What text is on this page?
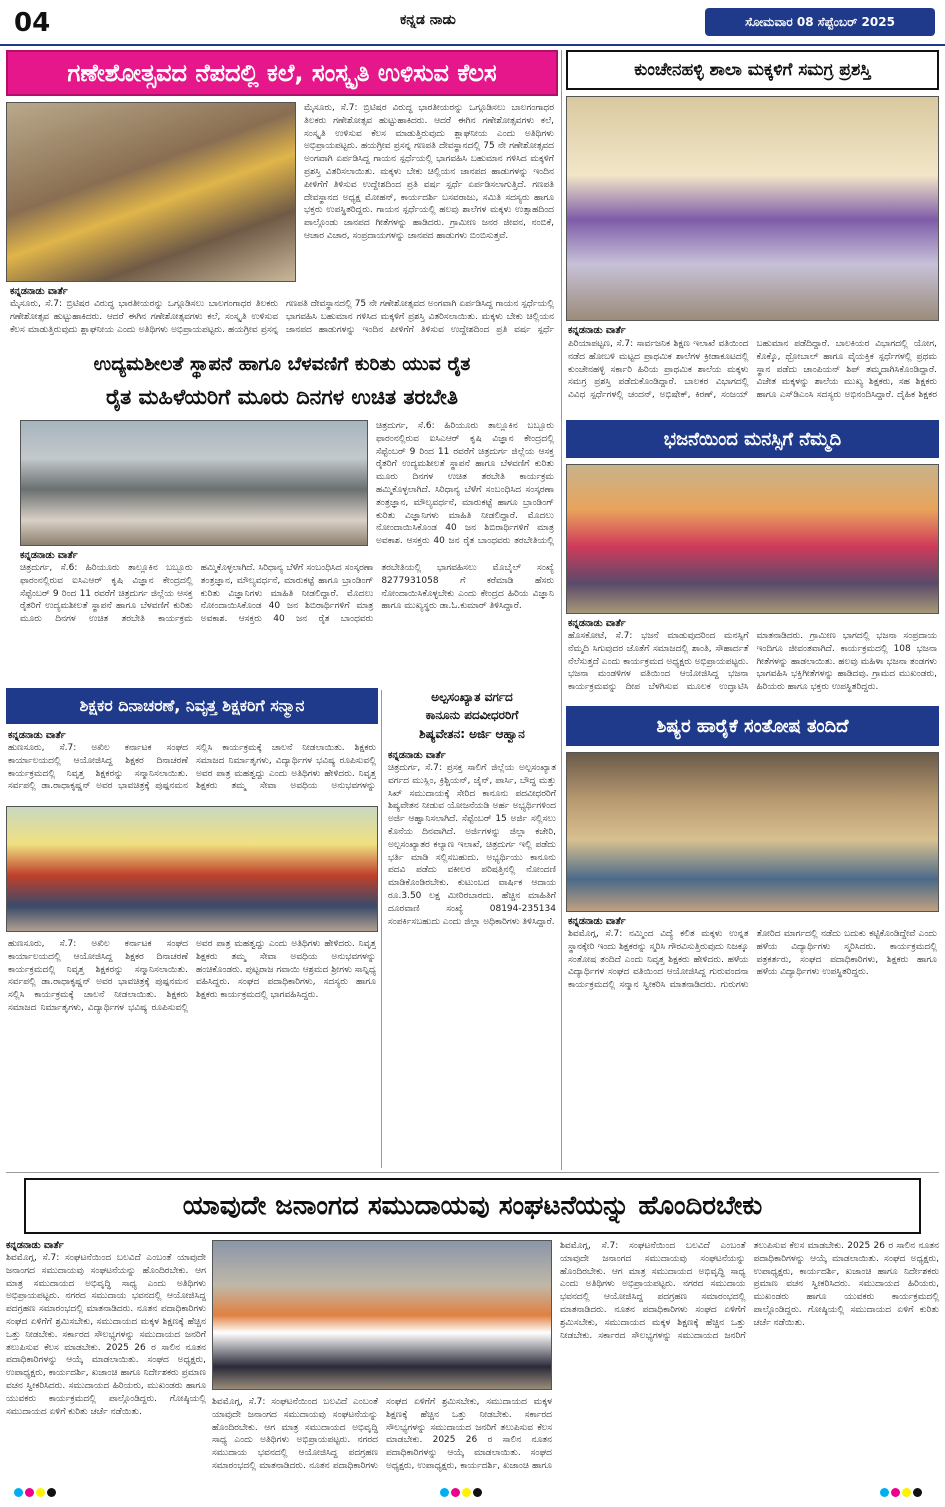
04	ಕನ್ನಡ ನಾಡು	ಸೋಮವಾರ 08 ಸೆಪ್ಟೆಂಬರ್ 2025
ಗಣೇಶೋತ್ಸವದ ನೆಪದಲ್ಲಿ ಕಲೆ, ಸಂಸ್ಕೃತಿ ಉಳಿಸುವ ಕೆಲಸ
ಕನ್ನಡನಾಡು ವಾರ್ತೆ
ಮೈಸೂರು, ಸೆ.7: ಬ್ರಿಟಿಷರ ವಿರುದ್ಧ ಭಾರತೀಯರನ್ನು ಒಗ್ಗೂಡಿಸಲು ಬಾಲಗಂಗಾಧರ ತಿಲಕರು ಗಣೇಶೋತ್ಸವ ಹುಟ್ಟುಹಾಕಿದರು. ಆದರೆ ಈಗಿನ ಗಣೇಶೋತ್ಸವಗಳು ಕಲೆ, ಸಂಸ್ಕೃತಿ ಉಳಿಸುವ ಕೆಲಸ ಮಾಡುತ್ತಿರುವುದು ಶ್ಲಾಘನೀಯ ಎಂದು ಅತಿಥಿಗಳು ಅಭಿಪ್ರಾಯಪಟ್ಟರು. ಹಯಗ್ರೀವ ಪ್ರಸನ್ನ ಗಣಪತಿ ದೇವಸ್ಥಾನದಲ್ಲಿ 75 ನೇ ಗಣೇಶೋತ್ಸವದ ಅಂಗವಾಗಿ ಏರ್ಪಡಿಸಿದ್ದ ಗಾಯನ ಸ್ಪರ್ಧೆಯಲ್ಲಿ ಭಾಗವಹಿಸಿ ಬಹುಮಾನ ಗಳಿಸಿದ ಮಕ್ಕಳಿಗೆ ಪ್ರಶಸ್ತಿ ವಿತರಿಸಲಾಯಿತು. ಮಕ್ಕಳು ಬೇಕು ಚಿಲ್ಲಿಯನ ಜಾನಪದ ಹಾಡುಗಳನ್ನು ಇಂದಿನ ಪೀಳಿಗೆಗೆ ತಿಳಿಸುವ ಉದ್ದೇಶದಿಂದ ಪ್ರತಿ ವರ್ಷ ಸ್ಪರ್ಧೆ
ಮೈಸೂರು, ಸೆ.7: ಬ್ರಿಟಿಷರ ವಿರುದ್ಧ ಭಾರತೀಯರನ್ನು ಒಗ್ಗೂಡಿಸಲು ಬಾಲಗಂಗಾಧರ ತಿಲಕರು ಗಣೇಶೋತ್ಸವ ಹುಟ್ಟುಹಾಕಿದರು. ಆದರೆ ಈಗಿನ ಗಣೇಶೋತ್ಸವಗಳು ಕಲೆ, ಸಂಸ್ಕೃತಿ ಉಳಿಸುವ ಕೆಲಸ ಮಾಡುತ್ತಿರುವುದು ಶ್ಲಾಘನೀಯ ಎಂದು ಅತಿಥಿಗಳು ಅಭಿಪ್ರಾಯಪಟ್ಟರು. ಹಯಗ್ರೀವ ಪ್ರಸನ್ನ ಗಣಪತಿ ದೇವಸ್ಥಾನದಲ್ಲಿ 75 ನೇ ಗಣೇಶೋತ್ಸವದ ಅಂಗವಾಗಿ ಏರ್ಪಡಿಸಿದ್ದ ಗಾಯನ ಸ್ಪರ್ಧೆಯಲ್ಲಿ ಭಾಗವಹಿಸಿ ಬಹುಮಾನ ಗಳಿಸಿದ ಮಕ್ಕಳಿಗೆ ಪ್ರಶಸ್ತಿ ವಿತರಿಸಲಾಯಿತು. ಮಕ್ಕಳು ಬೇಕು ಚಿಲ್ಲಿಯನ ಜಾನಪದ ಹಾಡುಗಳನ್ನು ಇಂದಿನ ಪೀಳಿಗೆಗೆ ತಿಳಿಸುವ ಉದ್ದೇಶದಿಂದ ಪ್ರತಿ ವರ್ಷ ಸ್ಪರ್ಧೆ ಏರ್ಪಡಿಸಲಾಗುತ್ತಿದೆ. ಗಣಪತಿ ದೇವಸ್ಥಾನದ ಅಧ್ಯಕ್ಷ ಮೋಹನ್, ಕಾರ್ಯದರ್ಶಿ ಬಸವರಾಜು, ಸಮಿತಿ ಸದಸ್ಯರು ಹಾಗೂ ಭಕ್ತರು ಉಪಸ್ಥಿತರಿದ್ದರು. ಗಾಯನ ಸ್ಪರ್ಧೆಯಲ್ಲಿ ಹಲವು ಶಾಲೆಗಳ ಮಕ್ಕಳು ಉತ್ಸಾಹದಿಂದ ಪಾಲ್ಗೊಂಡು ಜಾನಪದ ಗೀತೆಗಳನ್ನು ಹಾಡಿದರು. ಗ್ರಾಮೀಣ ಜನರ ಜೀವನ, ನಂಬಿಕೆ, ಆಚಾರ ವಿಚಾರ, ಸಂಪ್ರದಾಯಗಳನ್ನು ಜಾನಪದ ಹಾಡುಗಳು ಬಿಂಬಿಸುತ್ತವೆ.
ಕುಂಚೇನಹಳ್ಳಿ ಶಾಲಾ ಮಕ್ಕಳಿಗೆ ಸಮಗ್ರ ಪ್ರಶಸ್ತಿ
ಕನ್ನಡನಾಡು ವಾರ್ತೆ
ಪಿರಿಯಾಪಟ್ಟಣ, ಸೆ.7: ಸಾರ್ವಜನಿಕ ಶಿಕ್ಷಣ ಇಲಾಖೆ ವತಿಯಿಂದ ನಡೆದ ಹೋಬಳಿ ಮಟ್ಟದ ಪ್ರಾಥಮಿಕ ಶಾಲೆಗಳ ಕ್ರೀಡಾಕೂಟದಲ್ಲಿ ಕುಂಚೇನಹಳ್ಳಿ ಸರ್ಕಾರಿ ಹಿರಿಯ ಪ್ರಾಥಮಿಕ ಶಾಲೆಯ ಮಕ್ಕಳು ಸಮಗ್ರ ಪ್ರಶಸ್ತಿ ಪಡೆದುಕೊಂಡಿದ್ದಾರೆ. ಬಾಲಕರ ವಿಭಾಗದಲ್ಲಿ ವಿವಿಧ ಸ್ಪರ್ಧೆಗಳಲ್ಲಿ ಚಂದನ್, ಅಭಿಷೇಕ್, ಕಿರಣ್, ಸಂಜಯ್ ಬಹುಮಾನ ಪಡೆದಿದ್ದಾರೆ. ಬಾಲಕಿಯರ ವಿಭಾಗದಲ್ಲಿ ಯೋಗ, ಕೊಕ್ಕೊ, ಥ್ರೋಬಾಲ್ ಹಾಗೂ ವೈಯಕ್ತಿಕ ಸ್ಪರ್ಧೆಗಳಲ್ಲಿ ಪ್ರಥಮ ಸ್ಥಾನ ಪಡೆದು ಚಾಂಪಿಯನ್ ಶಿಪ್ ತಮ್ಮದಾಗಿಸಿಕೊಂಡಿದ್ದಾರೆ. ವಿಜೇತ ಮಕ್ಕಳನ್ನು ಶಾಲೆಯ ಮುಖ್ಯ ಶಿಕ್ಷಕರು, ಸಹ ಶಿಕ್ಷಕರು ಹಾಗೂ ಎಸ್‌ಡಿಎಂಸಿ ಸದಸ್ಯರು ಅಭಿನಂದಿಸಿದ್ದಾರೆ. ದೈಹಿಕ ಶಿಕ್ಷಕರ
ಉದ್ಯಮಶೀಲತೆ ಸ್ಥಾಪನೆ ಹಾಗೂ ಬೆಳವಣಿಗೆ ಕುರಿತು ಯುವ ರೈತ
ರೈತ ಮಹಿಳೆಯರಿಗೆ ಮೂರು ದಿನಗಳ ಉಚಿತ ತರಬೇತಿ
ಕನ್ನಡನಾಡು ವಾರ್ತೆ
ಚಿತ್ರದುರ್ಗ, ಸೆ.6: ಹಿರಿಯೂರು ತಾಲ್ಲೂಕಿನ ಬಬ್ಬೂರು ಫಾರಂನಲ್ಲಿರುವ ಐಸಿಎಆರ್ ಕೃಷಿ ವಿಜ್ಞಾನ ಕೇಂದ್ರದಲ್ಲಿ ಸೆಪ್ಟೆಂಬರ್ 9 ರಿಂದ 11 ರವರೆಗೆ ಚಿತ್ರದುರ್ಗ ಜಿಲ್ಲೆಯ ಆಸಕ್ತ ರೈತರಿಗೆ ಉದ್ಯಮಶೀಲತೆ ಸ್ಥಾಪನೆ ಹಾಗೂ ಬೆಳವಣಿಗೆ ಕುರಿತು ಮೂರು ದಿನಗಳ ಉಚಿತ ತರಬೇತಿ ಕಾರ್ಯಕ್ರಮ ಹಮ್ಮಿಕೊಳ್ಳಲಾಗಿದೆ. ಸಿರಿಧಾನ್ಯ ಬೆಳೆಗೆ ಸಂಬಂಧಿಸಿದ ಸಂಸ್ಕರಣಾ ತಂತ್ರಜ್ಞಾನ, ಮೌಲ್ಯವರ್ಧನೆ, ಮಾರುಕಟ್ಟೆ ಹಾಗೂ ಬ್ರಾಂಡಿಂಗ್ ಕುರಿತು ವಿಜ್ಞಾನಿಗಳು ಮಾಹಿತಿ ನೀಡಲಿದ್ದಾರೆ. ಮೊದಲು ನೋಂದಾಯಿಸಿಕೊಂಡ 40 ಜನ ಶಿಬಿರಾರ್ಥಿಗಳಿಗೆ ಮಾತ್ರ ಅವಕಾಶ. ಆಸಕ್ತರು 40 ಜನ ರೈತ ಬಾಂಧವರು ತರಬೇತಿಯಲ್ಲಿ ಭಾಗವಹಿಸಲು ಮೊಬೈಲ್ ಸಂಖ್ಯೆ 8277931058 ಗೆ ಕರೆಮಾಡಿ ಹೆಸರು ನೋಂದಾಯಿಸಿಕೊಳ್ಳಬೇಕು ಎಂದು ಕೇಂದ್ರದ ಹಿರಿಯ ವಿಜ್ಞಾನಿ ಹಾಗೂ ಮುಖ್ಯಸ್ಥರು ಡಾ.ಓ.ಕುಮಾರ್ ತಿಳಿಸಿದ್ದಾರೆ.
ಚಿತ್ರದುರ್ಗ, ಸೆ.6: ಹಿರಿಯೂರು ತಾಲ್ಲೂಕಿನ ಬಬ್ಬೂರು ಫಾರಂನಲ್ಲಿರುವ ಐಸಿಎಆರ್ ಕೃಷಿ ವಿಜ್ಞಾನ ಕೇಂದ್ರದಲ್ಲಿ ಸೆಪ್ಟೆಂಬರ್ 9 ರಿಂದ 11 ರವರೆಗೆ ಚಿತ್ರದುರ್ಗ ಜಿಲ್ಲೆಯ ಆಸಕ್ತ ರೈತರಿಗೆ ಉದ್ಯಮಶೀಲತೆ ಸ್ಥಾಪನೆ ಹಾಗೂ ಬೆಳವಣಿಗೆ ಕುರಿತು ಮೂರು ದಿನಗಳ ಉಚಿತ ತರಬೇತಿ ಕಾರ್ಯಕ್ರಮ ಹಮ್ಮಿಕೊಳ್ಳಲಾಗಿದೆ. ಸಿರಿಧಾನ್ಯ ಬೆಳೆಗೆ ಸಂಬಂಧಿಸಿದ ಸಂಸ್ಕರಣಾ ತಂತ್ರಜ್ಞಾನ, ಮೌಲ್ಯವರ್ಧನೆ, ಮಾರುಕಟ್ಟೆ ಹಾಗೂ ಬ್ರಾಂಡಿಂಗ್ ಕುರಿತು ವಿಜ್ಞಾನಿಗಳು ಮಾಹಿತಿ ನೀಡಲಿದ್ದಾರೆ. ಮೊದಲು ನೋಂದಾಯಿಸಿಕೊಂಡ 40 ಜನ ಶಿಬಿರಾರ್ಥಿಗಳಿಗೆ ಮಾತ್ರ ಅವಕಾಶ. ಆಸಕ್ತರು 40 ಜನ ರೈತ ಬಾಂಧವರು ತರಬೇತಿಯಲ್ಲಿ
ಭಜನೆಯಿಂದ ಮನಸ್ಸಿಗೆ ನೆಮ್ಮದಿ
ಕನ್ನಡನಾಡು ವಾರ್ತೆ
ಹೊಸಕೋಟೆ, ಸೆ.7: ಭಜನೆ ಮಾಡುವುದರಿಂದ ಮನಸ್ಸಿಗೆ ನೆಮ್ಮದಿ ಸಿಗುವುದರ ಜೊತೆಗೆ ಸಮಾಜದಲ್ಲಿ ಶಾಂತಿ, ಸೌಹಾರ್ದತೆ ನೆಲೆಸುತ್ತದೆ ಎಂದು ಕಾರ್ಯಕ್ರಮದ ಅಧ್ಯಕ್ಷರು ಅಭಿಪ್ರಾಯಪಟ್ಟರು. ಭಜನಾ ಮಂಡಳಿಗಳ ವತಿಯಿಂದ ಆಯೋಜಿಸಿದ್ದ ಭಜನಾ ಕಾರ್ಯಕ್ರಮವನ್ನು ದೀಪ ಬೆಳಗಿಸುವ ಮೂಲಕ ಉದ್ಘಾಟಿಸಿ ಮಾತನಾಡಿದರು. ಗ್ರಾಮೀಣ ಭಾಗದಲ್ಲಿ ಭಜನಾ ಸಂಪ್ರದಾಯ ಇಂದಿಗೂ ಜೀವಂತವಾಗಿದೆ. ಕಾರ್ಯಕ್ರಮದಲ್ಲಿ 108 ಭಜನಾ ಗೀತೆಗಳನ್ನು ಹಾಡಲಾಯಿತು. ಹಲವು ಮಹಿಳಾ ಭಜನಾ ತಂಡಗಳು ಭಾಗವಹಿಸಿ ಭಕ್ತಿಗೀತೆಗಳನ್ನು ಹಾಡಿದವು. ಗ್ರಾಮದ ಮುಖಂಡರು, ಹಿರಿಯರು ಹಾಗೂ ಭಕ್ತರು ಉಪಸ್ಥಿತರಿದ್ದರು.
ಶಿಕ್ಷಕರ ದಿನಾಚರಣೆ, ನಿವೃತ್ತ ಶಿಕ್ಷಕರಿಗೆ ಸನ್ಮಾನ
ಕನ್ನಡನಾಡು ವಾರ್ತೆ
ಹುಣಸೂರು, ಸೆ.7: ಅಖಿಲ ಕರ್ನಾಟಕ ಸಂಘದ ಕಾರ್ಯಾಲಯದಲ್ಲಿ ಆಯೋಜಿಸಿದ್ದ ಶಿಕ್ಷಕರ ದಿನಾಚರಣೆ ಕಾರ್ಯಕ್ರಮದಲ್ಲಿ ನಿವೃತ್ತ ಶಿಕ್ಷಕರನ್ನು ಸನ್ಮಾನಿಸಲಾಯಿತು. ಸರ್ವಪಲ್ಲಿ ಡಾ.ರಾಧಾಕೃಷ್ಣನ್ ಅವರ ಭಾವಚಿತ್ರಕ್ಕೆ ಪುಷ್ಪನಮನ ಸಲ್ಲಿಸಿ ಕಾರ್ಯಕ್ರಮಕ್ಕೆ ಚಾಲನೆ ನೀಡಲಾಯಿತು. ಶಿಕ್ಷಕರು ಸಮಾಜದ ನಿರ್ಮಾತೃಗಳು, ವಿದ್ಯಾರ್ಥಿಗಳ ಭವಿಷ್ಯ ರೂಪಿಸುವಲ್ಲಿ ಅವರ ಪಾತ್ರ ಮಹತ್ವದ್ದು ಎಂದು ಅತಿಥಿಗಳು ಹೇಳಿದರು. ನಿವೃತ್ತ ಶಿಕ್ಷಕರು ತಮ್ಮ ಸೇವಾ ಅವಧಿಯ ಅನುಭವಗಳನ್ನು
ಹುಣಸೂರು, ಸೆ.7: ಅಖಿಲ ಕರ್ನಾಟಕ ಸಂಘದ ಕಾರ್ಯಾಲಯದಲ್ಲಿ ಆಯೋಜಿಸಿದ್ದ ಶಿಕ್ಷಕರ ದಿನಾಚರಣೆ ಕಾರ್ಯಕ್ರಮದಲ್ಲಿ ನಿವೃತ್ತ ಶಿಕ್ಷಕರನ್ನು ಸನ್ಮಾನಿಸಲಾಯಿತು. ಸರ್ವಪಲ್ಲಿ ಡಾ.ರಾಧಾಕೃಷ್ಣನ್ ಅವರ ಭಾವಚಿತ್ರಕ್ಕೆ ಪುಷ್ಪನಮನ ಸಲ್ಲಿಸಿ ಕಾರ್ಯಕ್ರಮಕ್ಕೆ ಚಾಲನೆ ನೀಡಲಾಯಿತು. ಶಿಕ್ಷಕರು ಸಮಾಜದ ನಿರ್ಮಾತೃಗಳು, ವಿದ್ಯಾರ್ಥಿಗಳ ಭವಿಷ್ಯ ರೂಪಿಸುವಲ್ಲಿ ಅವರ ಪಾತ್ರ ಮಹತ್ವದ್ದು ಎಂದು ಅತಿಥಿಗಳು ಹೇಳಿದರು. ನಿವೃತ್ತ ಶಿಕ್ಷಕರು ತಮ್ಮ ಸೇವಾ ಅವಧಿಯ ಅನುಭವಗಳನ್ನು ಹಂಚಿಕೊಂಡರು. ಪುಟ್ಟರಾಜ ಗವಾಯಿ ಆಶ್ರಮದ ಶ್ರೀಗಳು ಸಾನ್ನಿಧ್ಯ ವಹಿಸಿದ್ದರು. ಸಂಘದ ಪದಾಧಿಕಾರಿಗಳು, ಸದಸ್ಯರು ಹಾಗೂ ಶಿಕ್ಷಕರು ಕಾರ್ಯಕ್ರಮದಲ್ಲಿ ಭಾಗವಹಿಸಿದ್ದರು.
ಅಲ್ಪಸಂಖ್ಯಾತ ವರ್ಗದ
ಕಾನೂನು ಪದವೀಧರರಿಗೆ
ಶಿಷ್ಯವೇತನ: ಅರ್ಜಿ ಆಹ್ವಾನ
ಕನ್ನಡನಾಡು ವಾರ್ತೆ
ಚಿತ್ರದುರ್ಗ, ಸೆ.7: ಪ್ರಸಕ್ತ ಸಾಲಿಗೆ ಜಿಲ್ಲೆಯ ಅಲ್ಪಸಂಖ್ಯಾತ ವರ್ಗದ ಮುಸ್ಲಿಂ, ಕ್ರಿಶ್ಚಿಯನ್, ಜೈನ್, ಪಾರ್ಸಿ, ಬೌದ್ಧ ಮತ್ತು ಸಿಖ್ ಸಮುದಾಯಕ್ಕೆ ಸೇರಿದ ಕಾನೂನು ಪದವೀಧರರಿಗೆ ಶಿಷ್ಯವೇತನ ನೀಡುವ ಯೋಜನೆಯಡಿ ಅರ್ಹ ಅಭ್ಯರ್ಥಿಗಳಿಂದ ಅರ್ಜಿ ಆಹ್ವಾನಿಸಲಾಗಿದೆ. ಸೆಪ್ಟೆಂಬರ್ 15 ಅರ್ಜಿ ಸಲ್ಲಿಸಲು ಕೊನೆಯ ದಿನವಾಗಿದೆ. ಅರ್ಜಿಗಳನ್ನು ಜಿಲ್ಲಾ ಕಚೇರಿ, ಅಲ್ಪಸಂಖ್ಯಾತರ ಕಲ್ಯಾಣ ಇಲಾಖೆ, ಚಿತ್ರದುರ್ಗ ಇಲ್ಲಿ ಪಡೆದು ಭರ್ತಿ ಮಾಡಿ ಸಲ್ಲಿಸಬಹುದು. ಅಭ್ಯರ್ಥಿಯು ಕಾನೂನು ಪದವಿ ಪಡೆದು ವಕೀಲರ ಪರಿಷತ್ತಿನಲ್ಲಿ ನೋಂದಣಿ ಮಾಡಿಕೊಂಡಿರಬೇಕು. ಕುಟುಂಬದ ವಾರ್ಷಿಕ ಆದಾಯ ರೂ.3.50 ಲಕ್ಷ ಮೀರಿರಬಾರದು. ಹೆಚ್ಚಿನ ಮಾಹಿತಿಗೆ ದೂರವಾಣಿ ಸಂಖ್ಯೆ 08194-235134 ಸಂಪರ್ಕಿಸಬಹುದು ಎಂದು ಜಿಲ್ಲಾ ಅಧಿಕಾರಿಗಳು ತಿಳಿಸಿದ್ದಾರೆ.
ಶಿಷ್ಯರ ಹಾರೈಕೆ ಸಂತೋಷ ತಂದಿದೆ
ಕನ್ನಡನಾಡು ವಾರ್ತೆ
ಶಿವಮೊಗ್ಗ, ಸೆ.7: ನಮ್ಮಿಂದ ವಿದ್ಯೆ ಕಲಿತ ಮಕ್ಕಳು ಉನ್ನತ ಸ್ಥಾನಕ್ಕೇರಿ ಇಂದು ಶಿಕ್ಷಕರನ್ನು ಸ್ಮರಿಸಿ ಗೌರವಿಸುತ್ತಿರುವುದು ನಿಜಕ್ಕೂ ಸಂತೋಷ ತಂದಿದೆ ಎಂದು ನಿವೃತ್ತ ಶಿಕ್ಷಕರು ಹೇಳಿದರು. ಹಳೆಯ ವಿದ್ಯಾರ್ಥಿಗಳ ಸಂಘದ ವತಿಯಿಂದ ಆಯೋಜಿಸಿದ್ದ ಗುರುವಂದನಾ ಕಾರ್ಯಕ್ರಮದಲ್ಲಿ ಸನ್ಮಾನ ಸ್ವೀಕರಿಸಿ ಮಾತನಾಡಿದರು. ಗುರುಗಳು ತೋರಿದ ಮಾರ್ಗದಲ್ಲಿ ನಡೆದು ಬದುಕು ಕಟ್ಟಿಕೊಂಡಿದ್ದೇವೆ ಎಂದು ಹಳೆಯ ವಿದ್ಯಾರ್ಥಿಗಳು ಸ್ಮರಿಸಿದರು. ಕಾರ್ಯಕ್ರಮದಲ್ಲಿ ಪತ್ರಕರ್ತರು, ಸಂಘದ ಪದಾಧಿಕಾರಿಗಳು, ಶಿಕ್ಷಕರು ಹಾಗೂ ಹಳೆಯ ವಿದ್ಯಾರ್ಥಿಗಳು ಉಪಸ್ಥಿತರಿದ್ದರು.
ಯಾವುದೇ ಜನಾಂಗದ ಸಮುದಾಯವು ಸಂಘಟನೆಯನ್ನು ಹೊಂದಿರಬೇಕು
ಕನ್ನಡನಾಡು ವಾರ್ತೆ
ಶಿವಮೊಗ್ಗ, ಸೆ.7: ಸಂಘಟನೆಯಿಂದ ಬಲವಿದೆ ಎಂಬಂತೆ ಯಾವುದೇ ಜನಾಂಗದ ಸಮುದಾಯವು ಸಂಘಟನೆಯನ್ನು ಹೊಂದಿರಬೇಕು. ಆಗ ಮಾತ್ರ ಸಮುದಾಯದ ಅಭಿವೃದ್ಧಿ ಸಾಧ್ಯ ಎಂದು ಅತಿಥಿಗಳು ಅಭಿಪ್ರಾಯಪಟ್ಟರು. ನಗರದ ಸಮುದಾಯ ಭವನದಲ್ಲಿ ಆಯೋಜಿಸಿದ್ದ ಪದಗ್ರಹಣ ಸಮಾರಂಭದಲ್ಲಿ ಮಾತನಾಡಿದರು. ನೂತನ ಪದಾಧಿಕಾರಿಗಳು ಸಂಘದ ಏಳಿಗೆಗೆ ಶ್ರಮಿಸಬೇಕು, ಸಮುದಾಯದ ಮಕ್ಕಳ ಶಿಕ್ಷಣಕ್ಕೆ ಹೆಚ್ಚಿನ ಒತ್ತು ನೀಡಬೇಕು. ಸರ್ಕಾರದ ಸೌಲಭ್ಯಗಳನ್ನು ಸಮುದಾಯದ ಜನರಿಗೆ ತಲುಪಿಸುವ ಕೆಲಸ ಮಾಡಬೇಕು. 2025 26 ರ ಸಾಲಿನ ನೂತನ ಪದಾಧಿಕಾರಿಗಳನ್ನು ಆಯ್ಕೆ ಮಾಡಲಾಯಿತು. ಸಂಘದ ಅಧ್ಯಕ್ಷರು, ಉಪಾಧ್ಯಕ್ಷರು, ಕಾರ್ಯದರ್ಶಿ, ಖಜಾಂಚಿ ಹಾಗೂ ನಿರ್ದೇಶಕರು ಪ್ರಮಾಣ ವಚನ ಸ್ವೀಕರಿಸಿದರು. ಸಮುದಾಯದ ಹಿರಿಯರು, ಮುಖಂಡರು ಹಾಗೂ ಯುವಕರು ಕಾರ್ಯಕ್ರಮದಲ್ಲಿ ಪಾಲ್ಗೊಂಡಿದ್ದರು. ಗೋಷ್ಠಿಯಲ್ಲಿ ಸಮುದಾಯದ ಏಳಿಗೆ ಕುರಿತು ಚರ್ಚೆ ನಡೆಯಿತು.
ಶಿವಮೊಗ್ಗ, ಸೆ.7: ಸಂಘಟನೆಯಿಂದ ಬಲವಿದೆ ಎಂಬಂತೆ ಯಾವುದೇ ಜನಾಂಗದ ಸಮುದಾಯವು ಸಂಘಟನೆಯನ್ನು ಹೊಂದಿರಬೇಕು. ಆಗ ಮಾತ್ರ ಸಮುದಾಯದ ಅಭಿವೃದ್ಧಿ ಸಾಧ್ಯ ಎಂದು ಅತಿಥಿಗಳು ಅಭಿಪ್ರಾಯಪಟ್ಟರು. ನಗರದ ಸಮುದಾಯ ಭವನದಲ್ಲಿ ಆಯೋಜಿಸಿದ್ದ ಪದಗ್ರಹಣ ಸಮಾರಂಭದಲ್ಲಿ ಮಾತನಾಡಿದರು. ನೂತನ ಪದಾಧಿಕಾರಿಗಳು ಸಂಘದ ಏಳಿಗೆಗೆ ಶ್ರಮಿಸಬೇಕು, ಸಮುದಾಯದ ಮಕ್ಕಳ ಶಿಕ್ಷಣಕ್ಕೆ ಹೆಚ್ಚಿನ ಒತ್ತು ನೀಡಬೇಕು. ಸರ್ಕಾರದ ಸೌಲಭ್ಯಗಳನ್ನು ಸಮುದಾಯದ ಜನರಿಗೆ ತಲುಪಿಸುವ ಕೆಲಸ ಮಾಡಬೇಕು. 2025 26 ರ ಸಾಲಿನ ನೂತನ ಪದಾಧಿಕಾರಿಗಳನ್ನು ಆಯ್ಕೆ ಮಾಡಲಾಯಿತು. ಸಂಘದ ಅಧ್ಯಕ್ಷರು, ಉಪಾಧ್ಯಕ್ಷರು, ಕಾರ್ಯದರ್ಶಿ, ಖಜಾಂಚಿ ಹಾಗೂ
ಶಿವಮೊಗ್ಗ, ಸೆ.7: ಸಂಘಟನೆಯಿಂದ ಬಲವಿದೆ ಎಂಬಂತೆ ಯಾವುದೇ ಜನಾಂಗದ ಸಮುದಾಯವು ಸಂಘಟನೆಯನ್ನು ಹೊಂದಿರಬೇಕು. ಆಗ ಮಾತ್ರ ಸಮುದಾಯದ ಅಭಿವೃದ್ಧಿ ಸಾಧ್ಯ ಎಂದು ಅತಿಥಿಗಳು ಅಭಿಪ್ರಾಯಪಟ್ಟರು. ನಗರದ ಸಮುದಾಯ ಭವನದಲ್ಲಿ ಆಯೋಜಿಸಿದ್ದ ಪದಗ್ರಹಣ ಸಮಾರಂಭದಲ್ಲಿ ಮಾತನಾಡಿದರು. ನೂತನ ಪದಾಧಿಕಾರಿಗಳು ಸಂಘದ ಏಳಿಗೆಗೆ ಶ್ರಮಿಸಬೇಕು, ಸಮುದಾಯದ ಮಕ್ಕಳ ಶಿಕ್ಷಣಕ್ಕೆ ಹೆಚ್ಚಿನ ಒತ್ತು ನೀಡಬೇಕು. ಸರ್ಕಾರದ ಸೌಲಭ್ಯಗಳನ್ನು ಸಮುದಾಯದ ಜನರಿಗೆ ತಲುಪಿಸುವ ಕೆಲಸ ಮಾಡಬೇಕು. 2025 26 ರ ಸಾಲಿನ ನೂತನ ಪದಾಧಿಕಾರಿಗಳನ್ನು ಆಯ್ಕೆ ಮಾಡಲಾಯಿತು. ಸಂಘದ ಅಧ್ಯಕ್ಷರು, ಉಪಾಧ್ಯಕ್ಷರು, ಕಾರ್ಯದರ್ಶಿ, ಖಜಾಂಚಿ ಹಾಗೂ ನಿರ್ದೇಶಕರು ಪ್ರಮಾಣ ವಚನ ಸ್ವೀಕರಿಸಿದರು. ಸಮುದಾಯದ ಹಿರಿಯರು, ಮುಖಂಡರು ಹಾಗೂ ಯುವಕರು ಕಾರ್ಯಕ್ರಮದಲ್ಲಿ ಪಾಲ್ಗೊಂಡಿದ್ದರು. ಗೋಷ್ಠಿಯಲ್ಲಿ ಸಮುದಾಯದ ಏಳಿಗೆ ಕುರಿತು ಚರ್ಚೆ ನಡೆಯಿತು.
